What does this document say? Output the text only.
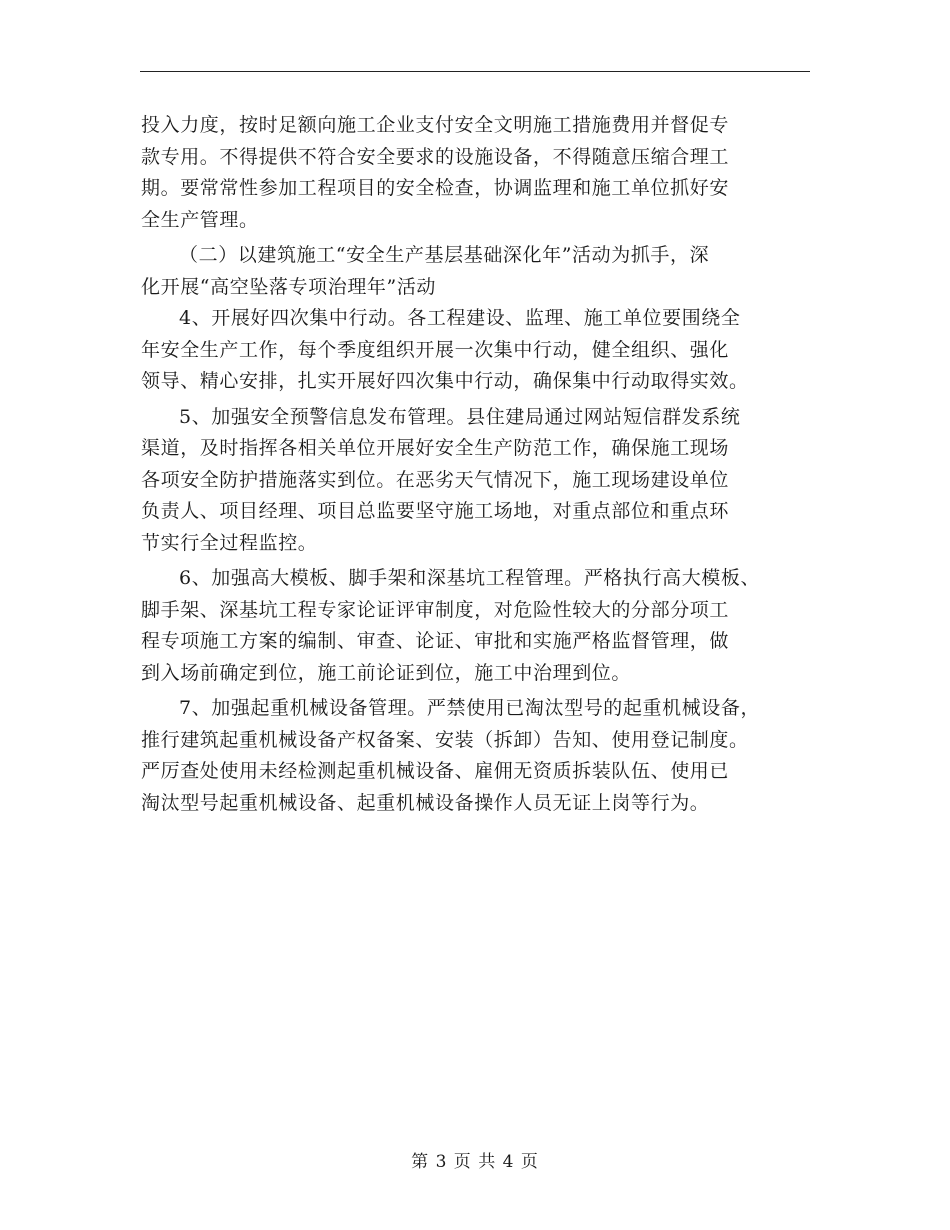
投入力度，按时足额向施工企业支付安全文明施工措施费用并督促专
款专用。不得提供不符合安全要求的设施设备，不得随意压缩合理工
期。要常常性参加工程项目的安全检查，协调监理和施工单位抓好安
全生产管理。
（二）以建筑施工“安全生产基层基础深化年”活动为抓手，深
化开展“高空坠落专项治理年”活动
4、开展好四次集中行动。各工程建设、监理、施工单位要围绕全
年安全生产工作，每个季度组织开展一次集中行动，健全组织、强化
领导、精心安排，扎实开展好四次集中行动，确保集中行动取得实效。
5、加强安全预警信息发布管理。县住建局通过网站短信群发系统
渠道，及时指挥各相关单位开展好安全生产防范工作，确保施工现场
各项安全防护措施落实到位。在恶劣天气情况下，施工现场建设单位
负责人、项目经理、项目总监要坚守施工场地，对重点部位和重点环
节实行全过程监控。
6、加强高大模板、脚手架和深基坑工程管理。严格执行高大模板、
脚手架、深基坑工程专家论证评审制度，对危险性较大的分部分项工
程专项施工方案的编制、审查、论证、审批和实施严格监督管理，做
到入场前确定到位，施工前论证到位，施工中治理到位。
7、加强起重机械设备管理。严禁使用已淘汰型号的起重机械设备，
推行建筑起重机械设备产权备案、安装（拆卸）告知、使用登记制度。
严厉查处使用未经检测起重机械设备、雇佣无资质拆装队伍、使用已
淘汰型号起重机械设备、起重机械设备操作人员无证上岗等行为。
第 3 页 共 4 页
